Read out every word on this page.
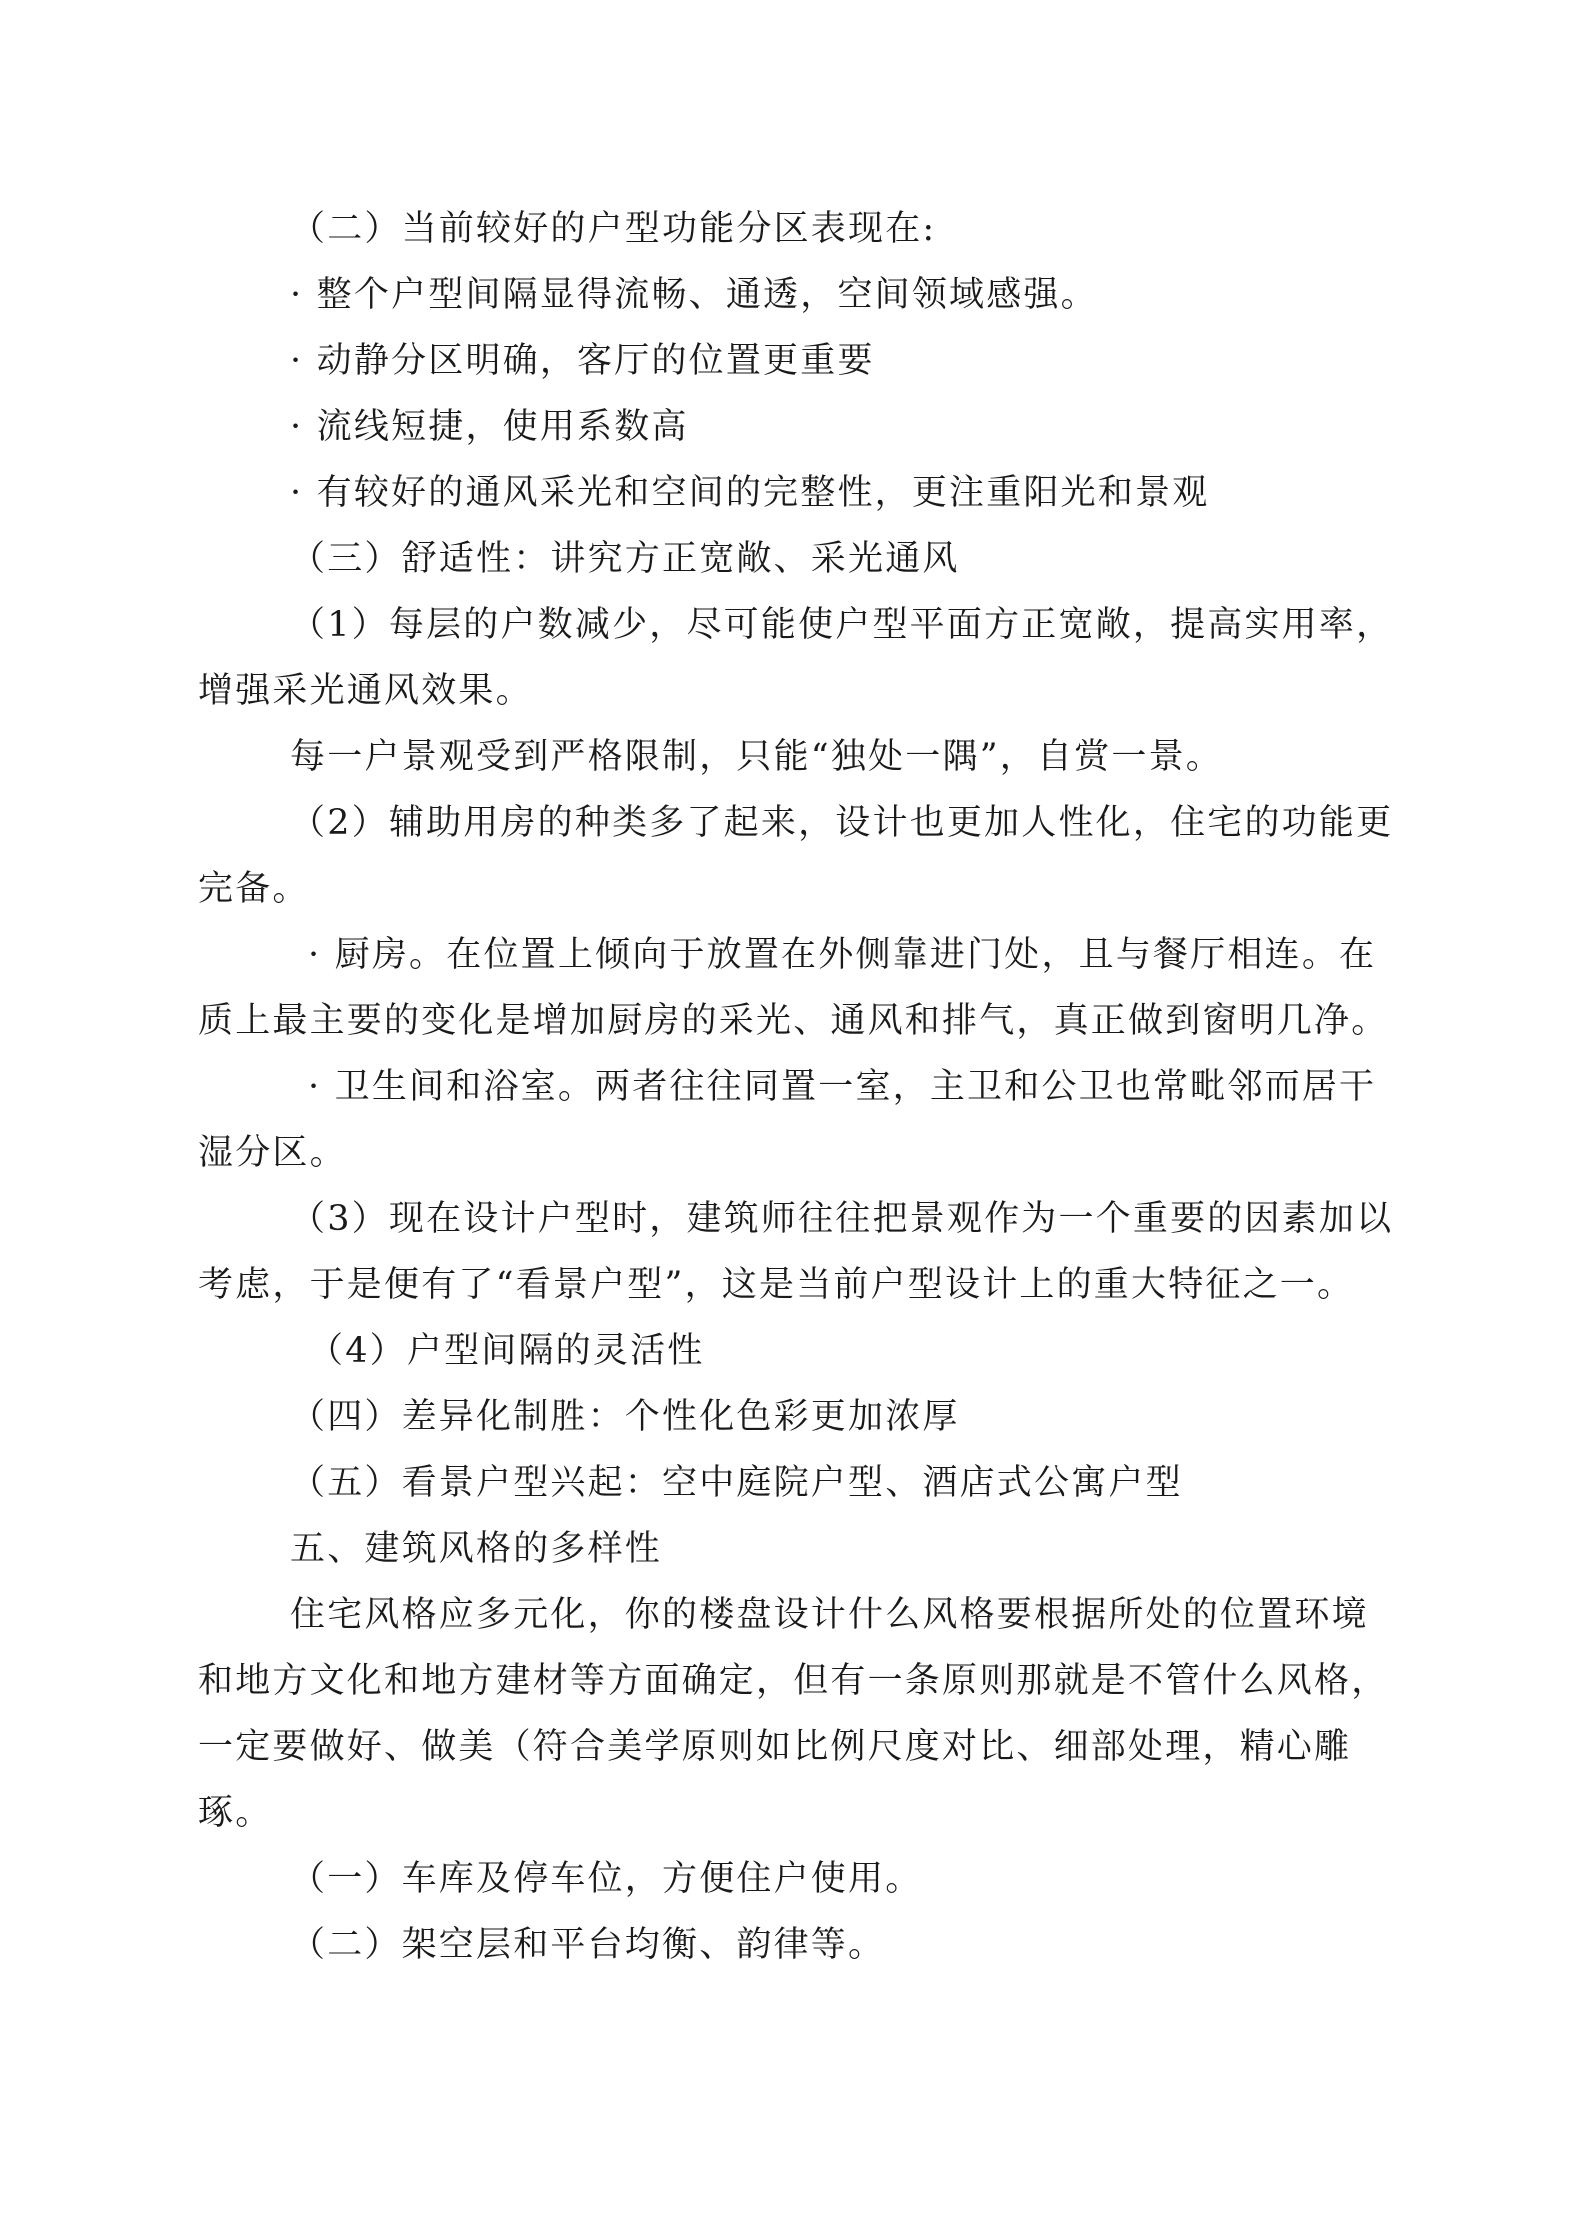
（二）当前较好的户型功能分区表现在:

· 整个户型间隔显得流畅、通透，空间领域感强。

· 动静分区明确，客厅的位置更重要

· 流线短捷，使用系数高

· 有较好的通风采光和空间的完整性，更注重阳光和景观

（三）舒适性：讲究方正宽敞、采光通风

（1）每层的户数减少，尽可能使户型平面方正宽敞，提高实用率，增强采光通风效果。

每一户景观受到严格限制，只能“独处一隅”，自赏一景。

（2）辅助用房的种类多了起来，设计也更加人性化，住宅的功能更完备。

· 厨房。在位置上倾向于放置在外侧靠进门处，且与餐厅相连。在质上最主要的变化是增加厨房的采光、通风和排气，真正做到窗明几净。

· 卫生间和浴室。两者往往同置一室，主卫和公卫也常毗邻而居干湿分区。

（3）现在设计户型时，建筑师往往把景观作为一个重要的因素加以考虑，于是便有了“看景户型”，这是当前户型设计上的重大特征之一。

（4）户型间隔的灵活性

（四）差异化制胜：个性化色彩更加浓厚

（五）看景户型兴起：空中庭院户型、酒店式公寓户型

五、建筑风格的多样性

住宅风格应多元化，你的楼盘设计什么风格要根据所处的位置环境和地方文化和地方建材等方面确定，但有一条原则那就是不管什么风格，一定要做好、做美（符合美学原则如比例尺度对比、细部处理，精心雕琢。

（一）车库及停车位，方便住户使用。

（二）架空层和平台均衡、韵律等。
